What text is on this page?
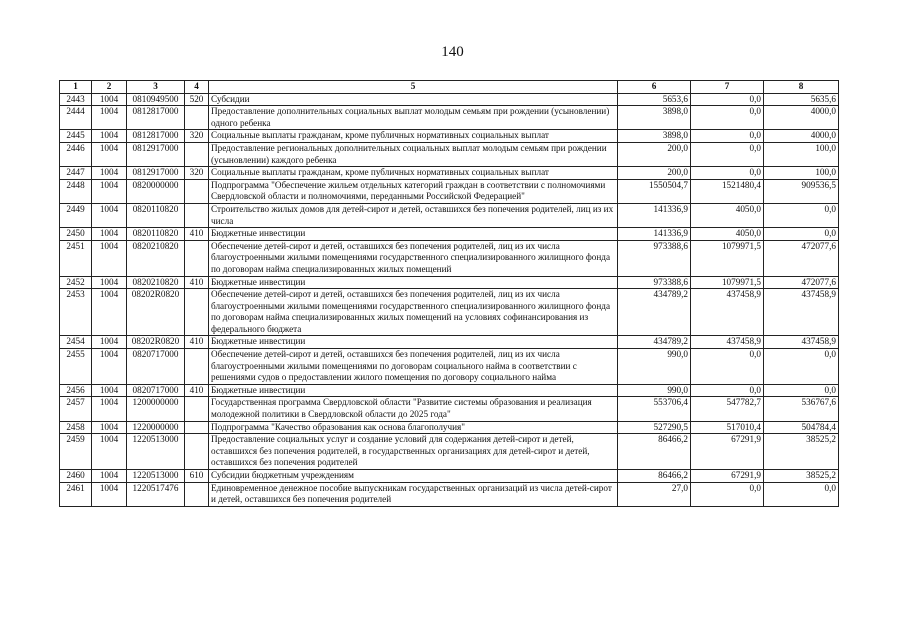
140
1	2	3	4	5	6	7	8
2443	1004	0810949500	520	Субсидии	5653,6	0,0	5635,6
2444	1004	0812817000		Предоставление дополнительных социальных выплат молодым семьям при рождении (усыновлении) одного ребенка	3898,0	0,0	4000,0
2445	1004	0812817000	320	Социальные выплаты гражданам, кроме публичных нормативных социальных выплат	3898,0	0,0	4000,0
2446	1004	0812917000		Предоставление региональных дополнительных социальных выплат молодым семьям при рождении (усыновлении) каждого ребенка	200,0	0,0	100,0
2447	1004	0812917000	320	Социальные выплаты гражданам, кроме публичных нормативных социальных выплат	200,0	0,0	100,0
2448	1004	0820000000		Подпрограмма "Обеспечение жильем отдельных категорий граждан в соответствии с полномочиями Свердловской области и полномочиями, переданными Российской Федерацией"	1550504,7	1521480,4	909536,5
2449	1004	0820110820		Строительство жилых домов для детей-сирот и детей, оставшихся без попечения родителей, лиц из их числа	141336,9	4050,0	0,0
2450	1004	0820110820	410	Бюджетные инвестиции	141336,9	4050,0	0,0
2451	1004	0820210820		Обеспечение детей-сирот и детей, оставшихся без попечения родителей, лиц из их числа благоустроенными жилыми помещениями государственного специализированного жилищного фонда по договорам найма специализированных жилых помещений	973388,6	1079971,5	472077,6
2452	1004	0820210820	410	Бюджетные инвестиции	973388,6	1079971,5	472077,6
2453	1004	08202R0820		Обеспечение детей-сирот и детей, оставшихся без попечения родителей, лиц из их числа благоустроенными жилыми помещениями государственного специализированного жилищного фонда по договорам найма специализированных жилых помещений на условиях софинансирования из федерального бюджета	434789,2	437458,9	437458,9
2454	1004	08202R0820	410	Бюджетные инвестиции	434789,2	437458,9	437458,9
2455	1004	0820717000		Обеспечение детей-сирот и детей, оставшихся без попечения родителей, лиц из их числа благоустроенными жилыми помещениями по договорам социального найма в соответствии с решениями судов о предоставлении жилого помещения по договору социального найма	990,0	0,0	0,0
2456	1004	0820717000	410	Бюджетные инвестиции	990,0	0,0	0,0
2457	1004	1200000000		Государственная программа Свердловской области "Развитие системы образования и реализация молодежной политики в Свердловской области до 2025 года"	553706,4	547782,7	536767,6
2458	1004	1220000000		Подпрограмма "Качество образования как основа благополучия"	527290,5	517010,4	504784,4
2459	1004	1220513000		Предоставление социальных услуг и создание условий для содержания детей-сирот и детей, оставшихся без попечения родителей, в государственных организациях для детей-сирот и детей, оставшихся без попечения родителей	86466,2	67291,9	38525,2
2460	1004	1220513000	610	Субсидии бюджетным учреждениям	86466,2	67291,9	38525,2
2461	1004	1220517476		Единовременное денежное пособие выпускникам государственных организаций из числа детей-сирот и детей, оставшихся без попечения родителей	27,0	0,0	0,0
